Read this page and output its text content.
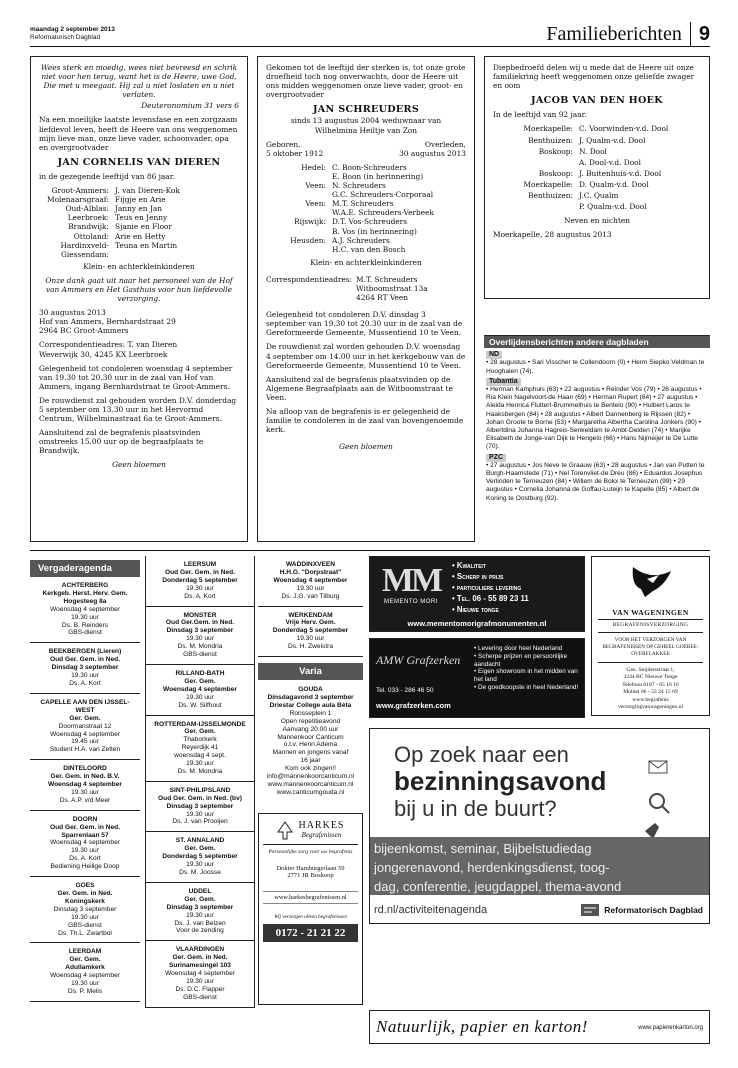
maandag 2 september 2013
Reformatorisch Dagblad	Familieberichten 9
Wees sterk en moedig, wees niet bevreesd en schrik niet voor hen terug, want het is de Heere, uwe God, Die met u meegaat. Hij zal u niet loslaten en u niet verlaten.
Deuteronomium 31 vers 6
Na een moeilijke laatste levensfase en een zorgzaam liefdevol leven, heeft de Heere van ons weggenomen mijn lieve man, onze lieve vader, schoonvader, opa en overgrootvader
JAN CORNELIS VAN DIEREN
in de gezegende leeftijd van 86 jaar.
Groot-Ammers: J. van Dieren-Kok
Molenaarsgraaf: Fijgje en Arie
Oud-Alblas: Janny en Jan
Leerbroek: Teus en Jenny
Brandwijk: Sjanie en Floor
Ottoland: Arie en Hetty
Hardinxveld-Giessendam:
Teuna en Martin
Klein- en achterkleinkinderen
Onze dank gaat uit naar het personeel van de Hof van Ammers en Het Gasthuis voor hun liefdevolle verzorging.
30 augustus 2013
Hof van Ammers, Bernhardstraat 29
2964 BC Groot-Ammers
Correspondentieadres: T. van Dieren
Weverwijk 30, 4245 KX Leerbroek
Gelegenheid tot condoleren woensdag 4 september van 19.30 tot 20.30 uur in de zaal van Hof van Ammers, ingang Bernhardstraat te Groot-Ammers.
De rouwdienst zal gehouden worden D.V. donderdag 5 september om 13.30 uur in het Hervormd Centrum, Wilhelminastraat 6a te Groot-Ammers.
Aansluitend zal de begrafenis plaatsvinden omstreeks 15.00 uur op de begraafplaats te Brandwijk.
Geen bloemen
Gekomen tot de leeftijd der sterken is, tot onze grote droefheid toch nog onverwachts, door de Heere uit ons midden weggenomen onze lieve vader, groot- en overgrootvader
JAN SCHREUDERS
sinds 13 augustus 2004 weduwnaar van
Wilhelmina Heiltje van Zon
Geboren,
5 oktober 1912
Overleden,
30 augustus 2013
Hedel: C. Boon-Schreuders
E. Boon (in herinnering)
Veen: N. Schreuders
G.C. Schreuders-Corporaal
Veen: M.T. Schreuders
W.A.E. Schreuders-Verbeek
Rijswijk: D.T. Vos-Schreuders
B. Vos (in herinnering)
Heusden: A.J. Schreuders
H.C. van den Bosch
Klein- en achterkleinkinderen
Correspondentieadres: M.T. Schreuders
Witboomstraat 13a
4264 RT Veen
Gelegenheid tot condoleren D.V. dinsdag 3 september van 19.30 tot 20.30 uur in de zaal van de Gereformeerde Gemeente, Mussentiend 10 te Veen.
De rouwdienst zal worden gehouden D.V. woensdag 4 september om 14.00 uur in het kerkgebouw van de Gereformeerde Gemeente, Mussentiend 10 te Veen.
Aansluitend zal de begrafenis plaatsvinden op de Algemene Begraafplaats aan de Witboomstraat te Veen.
Na afloop van de begrafenis is er gelegenheid de familie te condoleren in de zaal van bovengenoemde kerk.
Geen bloemen
Diepbedroefd delen wij u mede dat de Heere uit onze familiekring heeft weggenomen onze geliefde zwager en oom
JACOB VAN DEN HOEK
In de leeftijd van 92 jaar.
Moerkapelle: C. Voorwinden-v.d. Dool
Benthuizen: J. Qualm-v.d. Dool
Boskoop: N. Dool
A. Dool-v.d. Dool
Boskoop: J. Buitenhuis-v.d. Dool
Moerkapelle: D. Qualm-v.d. Dool
Benthuizen: J.C. Qualm
P. Qualm-v.d. Dool
Neven en nichten
Moerkapelle, 28 augustus 2013
Overlijdensberichten andere dagbladen
ND
• 28 augustus • Sari Visscher te Collendoorn (0) • Herm Siepko Veldman te Hooghalen (74).
Tubantia
• Herman Kamphuis (63) • 22 augustus • Reinder Vos (79) • 26 augustus • Ria Klein Nagelvoort-de Haan (69) • Herman Rupert (84) • 27 augustus • Aleida Henrica Fluttert-Brummelhuis te Bentelo (90) • Hulbert Laros te Haaksbergen (84) • 28 augustus • Albert Dannenberg te Rijssen (82) • Johan Groote te Borne (53) • Margaretha Albertha Carolina Jonkers (90) • Albertdina Johanna Hagreis-Senkeldam te Ambt-Delden (74) • Marijke Elisabeth de Jonge-van Dijk te Hengelo (66) • Hans Nijmeijer te De Lutte (70).
PZC
• 27 augustus • Jos Neve te Graauw (63) • 28 augustus • Jan van Putten te Burgh-Haamstede (71) • Nel Torenvliet-de Dreu (86) • Eduardus Josephus Verlinden te Terneuzen (84) • Willem de Bokx te Terneuzen (99) • 29 augustus • Cornelia Johanna de Goffau-Luteijn te Kapelle (85) • Albert de Koning te Oostburg (92).
Vergaderagenda
ACHTERBERG
Kerkgeb. Herst. Herv. Gem.
Hogesteeg 8a
Woensdag 4 september
19.30 uur
Ds. B. Reinders
GBS-dienst
BEEKBERGEN (Lieren)
Oud Ger. Gem. in Ned.
Dinsdag 3 september
19.30 uur
Ds. A. Kort
CAPELLE AAN DEN IJSSEL-WEST
Ger. Gem.
Doormanstraat 12
Woensdag 4 september
19.45 uur
Student H.A. van Zetten
DINTELOORD
Ger. Gem. in Ned. B.V.
Woensdag 4 september
19.30 uur
Ds. A.P. v/d Meer
DOORN
Oud Ger. Gem. in Ned.
Sparrenlaan 57
Woensdag 4 september
19.30 uur
Ds. A. Kort
Bediening Heilige Doop
GOES
Ger. Gem. in Ned.
Koningskerk
Dinsdag 3 september
19.30 uur
GBS-dienst
Ds. Th.L. Zwartbol
LEERDAM
Ger. Gem.
Adullamkerk
Woensdag 4 september
19.30 uur
Ds. P. Melis
LEERSUM
Oud Ger. Gem. in Ned.
Donderdag 5 september
19.30 uur
Ds. A. Kort
MONSTER
Oud Ger.Gem. in Ned.
Dinsdag 3 september
19.30 uur
Ds. M. Mondria
GBS-dienst
RILLAND-BATH
Ger. Gem.
Woensdag 4 september
19.30 uur
Ds. W. Silfhout
ROTTERDAM-IJSSELMONDE
Ger. Gem.
Thaborkerk
Reyerdijk 41
woensdag 4 sept.
19.30 uur
Ds. M. Mondria
SINT-PHILIPSLAND
Oud Ger. Gem. in Ned. (bv)
Dinsdag 3 september
19.30 uur
Ds. J. van Prooijen
ST. ANNALAND
Ger. Gem.
Donderdag 5 september
19.30 uur
Ds. M. Joosse
UDDEL
Ger. Gem.
Dinsdag 3 september
19.30 uur
Ds. J. van Belzen
Voor de zending
VLAARDINGEN
Ger. Gem. in Ned.
Surinamesingel 103
Woensdag 4 september
19.30 uur
Ds. D.C. Flapper
GBS-dienst
WADDINXVEEN
H.H.G. "Dorpstraat"
Woensdag 4 september
19.30 uur
Ds. J.G. van Tilburg
WERKENDAM
Vrije Herv. Gem.
Donderdag 5 september
19.30 uur
Ds. H. Zweistra
Varia
GOUDA
Dinsdagavond 3 september
Driestar College aula Bèta
Ronsseplein 1
Open repetitieavond
Aanvang 20.00 uur
Mannenkoor Canticum
o.l.v. Henri Adema
Mannen en jongens vanaf
16 jaar
Kom ook zingen!!
info@mannenkoorcanticum.nl
www.mannenkoorcanticum.nl
www.canticumgouda.nl
HARKES
Begrafenissen
Persoonlijke zorg voor uw begrafenis
Dokter Hamburgerlaan 59
2771 JR Boskoop
www.harkesbegrafenissen.nl
Wij verzorgen alleen begrafenissen
0172 - 21 21 22
MM
MEMENTO MORI
• Kwaliteit
• Scherp in prijs
• particuliere levering
• Tel. 06 - 55 89 23 11
• Nieuwe tonge
www.mementomorigrafmonumenten.nl
VAN WAGENINGEN
BEGRAFENISVERZORGING
VOOR HET VERZORGEN VAN BEGRAFENISSEN OP GEHEEL GOEREE-OVERFLAKKEE
Gen. Snijdersstraat 1,
3244 BC Nieuwe Tonge
Telefoon 0187 - 65 16 16
Mobiel 06 - 53 24 15 69
www.begrafenis
verzorgingvanwageningen.nl
AMW Grafzerken
Tel. 033 - 286 46 50
www.grafzerken.com
• Levering door heel Nederland
• Scherpe prijzen en persoonlijke aandacht
• Eigen showroom in het midden van het land
• De goedkoopste in heel Nederland!
Op zoek naar een
bezinningsavond
bij u in de buurt?
bijeenkomst, seminar, Bijbelstudiedag
jongerenavond, herdenkingsdienst, toog-
dag, conferentie, jeugdappel, thema-avond
rd.nl/activiteitenagenda	Reformatorisch Dagblad
Natuurlijk, papier en karton!	www.papierenkarton.org
